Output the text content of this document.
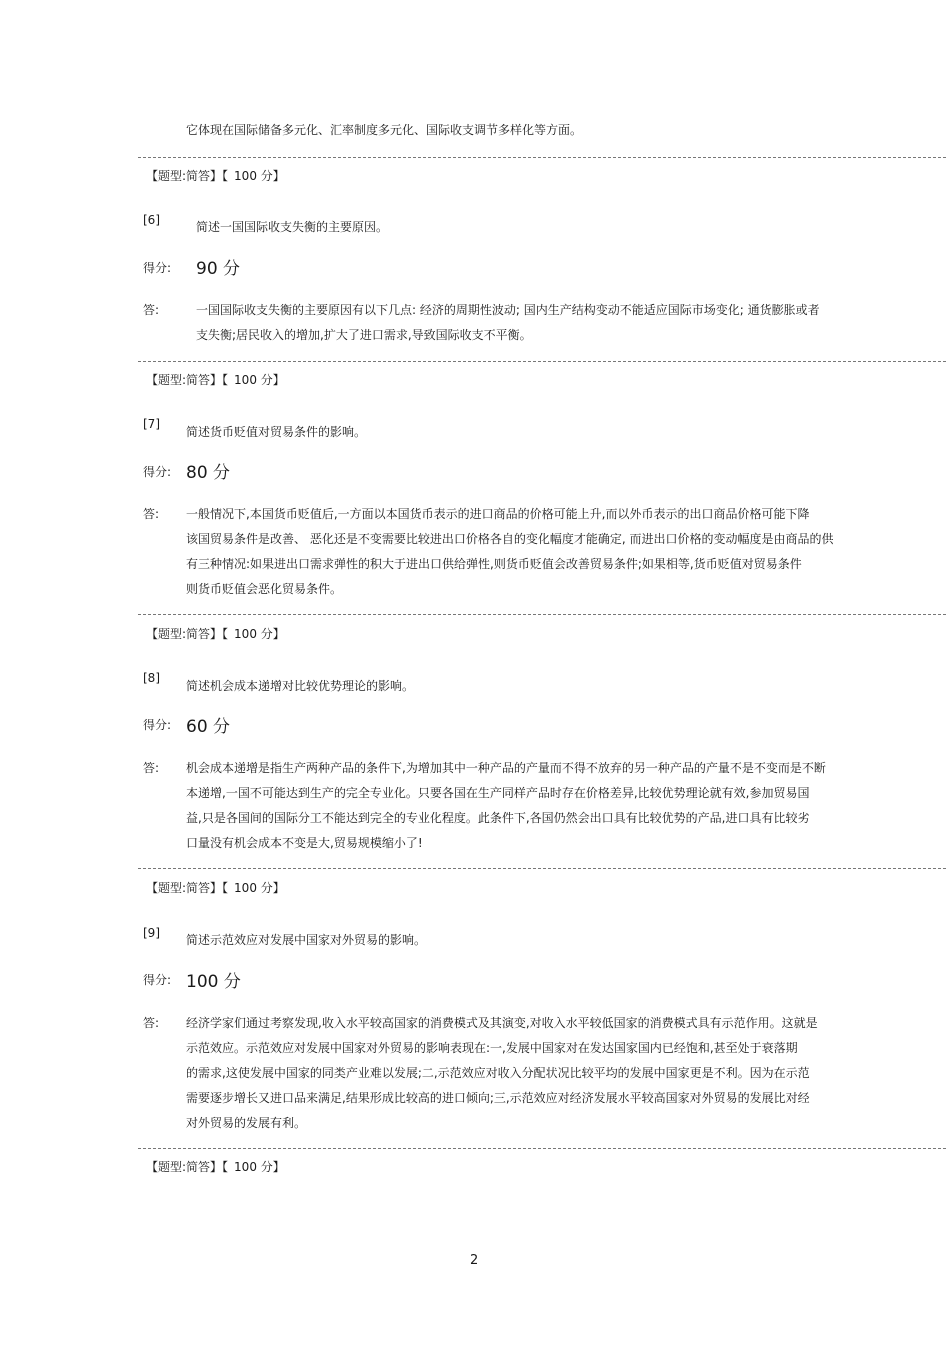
它体现在国际储备多元化、汇率制度多元化、国际收支调节多样化等方面。
【题型:简答】【 100 分】
[6]	简述一国国际收支失衡的主要原因。
得分: 90 分
答:	一国国际收支失衡的主要原因有以下几点: 经济的周期性波动; 国内生产结构变动不能适应国际市场变化; 通货膨胀或者
支失衡;居民收入的增加,扩大了进口需求,导致国际收支不平衡。
【题型:简答】【 100 分】
[7]
简述货币贬值对贸易条件的影响。
得分: 80 分
答: 一般情况下,本国货币贬值后,一方面以本国货币表示的进口商品的价格可能上升,而以外币表示的出口商品价格可能下降
该国贸易条件是改善、 恶化还是不变需要比较进出口价格各自的变化幅度才能确定, 而进出口价格的变动幅度是由商品的供
有三种情况:如果进出口需求弹性的积大于进出口供给弹性,则货币贬值会改善贸易条件;如果相等,货币贬值对贸易条件
则货币贬值会恶化贸易条件。
【题型:简答】【 100 分】
[8]
简述机会成本递增对比较优势理论的影响。
得分: 60 分
答: 机会成本递增是指生产两种产品的条件下,为增加其中一种产品的产量而不得不放弃的另一种产品的产量不是不变而是不断
本递增,一国不可能达到生产的完全专业化。只要各国在生产同样产品时存在价格差异,比较优势理论就有效,参加贸易国
益,只是各国间的国际分工不能达到完全的专业化程度。此条件下,各国仍然会出口具有比较优势的产品,进口具有比较劣
口量没有机会成本不变是大,贸易规模缩小了!
【题型:简答】【 100 分】
[9] 简述示范效应对发展中国家对外贸易的影响。
得分: 100 分
答: 经济学家们通过考察发现,收入水平较高国家的消费模式及其演变,对收入水平较低国家的消费模式具有示范作用。这就是
示范效应。示范效应对发展中国家对外贸易的影响表现在:一,发展中国家对在发达国家国内已经饱和,甚至处于衰落期
的需求,这使发展中国家的同类产业难以发展;二,示范效应对收入分配状况比较平均的发展中国家更是不利。因为在示范
需要逐步增长又进口品来满足,结果形成比较高的进口倾向;三,示范效应对经济发展水平较高国家对外贸易的发展比对经
对外贸易的发展有利。
【题型:简答】【 100 分】
2
